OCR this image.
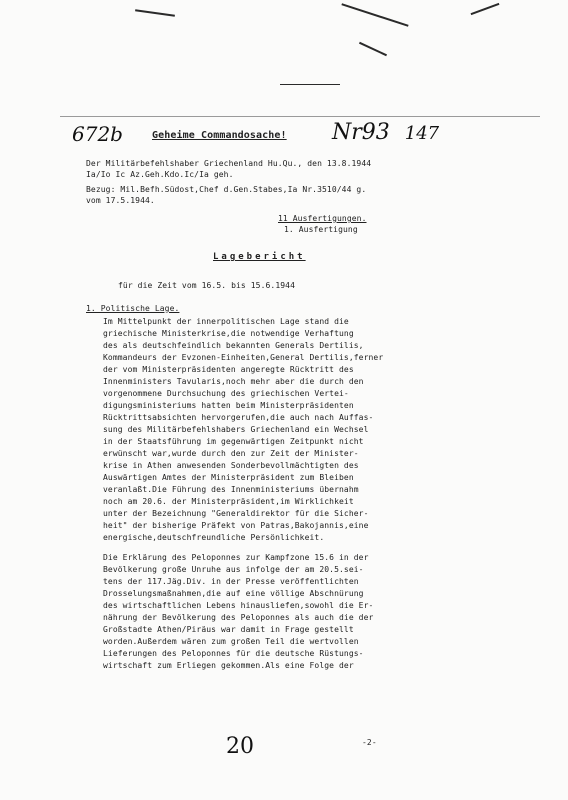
672b	Geheime Commandosache! Nr93 147
Der Militärbefehlshaber Griechenland Hu.Qu., den 13.8.1944
Ia/Io Ic Az.Geh.Kdo.Ic/Ia geh.
Bezug: Mil.Befh.Südost,Chef d.Gen.Stabes,Ia Nr.3510/44 g.
vom 17.5.1944.
11 Ausfertigungen.
1. Ausfertigung
Lagebericht
für die Zeit vom 16.5. bis 15.6.1944
1. Politische Lage.
Im Mittelpunkt der innerpolitischen Lage stand die
griechische Ministerkrise,die notwendige Verhaftung
des als deutschfeindlich bekannten Generals Dertilis,
Kommandeurs der Evzonen-Einheiten,General Dertilis,ferner
der vom Ministerpräsidenten angeregte Rücktritt des
Innenministers Tavularis,noch mehr aber die durch den
vorgenommene Durchsuchung des griechischen Vertei-
digungsministeriums hatten beim Ministerpräsidenten
Rücktrittsabsichten hervorgerufen,die auch nach Auffas-
sung des Militärbefehlshabers Griechenland ein Wechsel
in der Staatsführung im gegenwärtigen Zeitpunkt nicht
erwünscht war,wurde durch den zur Zeit der Minister-
krise in Athen anwesenden Sonderbevollmächtigten des
Auswärtigen Amtes der Ministerpräsident zum Bleiben
veranlaßt.Die Führung des Innenministeriums übernahm
noch am 20.6. der Ministerpräsident,im Wirklichkeit
unter der Bezeichnung "Generaldirektor für die Sicher-
heit" der bisherige Präfekt von Patras,Bakojannis,eine
energische,deutschfreundliche Persönlichkeit.
Die Erklärung des Peloponnes zur Kampfzone 15.6 in der
Bevölkerung große Unruhe aus infolge der am 20.5.sei-
tens der 117.Jäg.Div. in der Presse veröffentlichten
Drosselungsmaßnahmen,die auf eine völlige Abschnürung
des wirtschaftlichen Lebens hinausliefen,sowohl die Er-
nährung der Bevölkerung des Peloponnes als auch die der
Großstadte Athen/Piräus war damit in Frage gestellt
worden.Außerdem wären zum großen Teil die wertvollen
Lieferungen des Peloponnes für die deutsche Rüstungs-
wirtschaft zum Erliegen gekommen.Als eine Folge der
20	-2-
